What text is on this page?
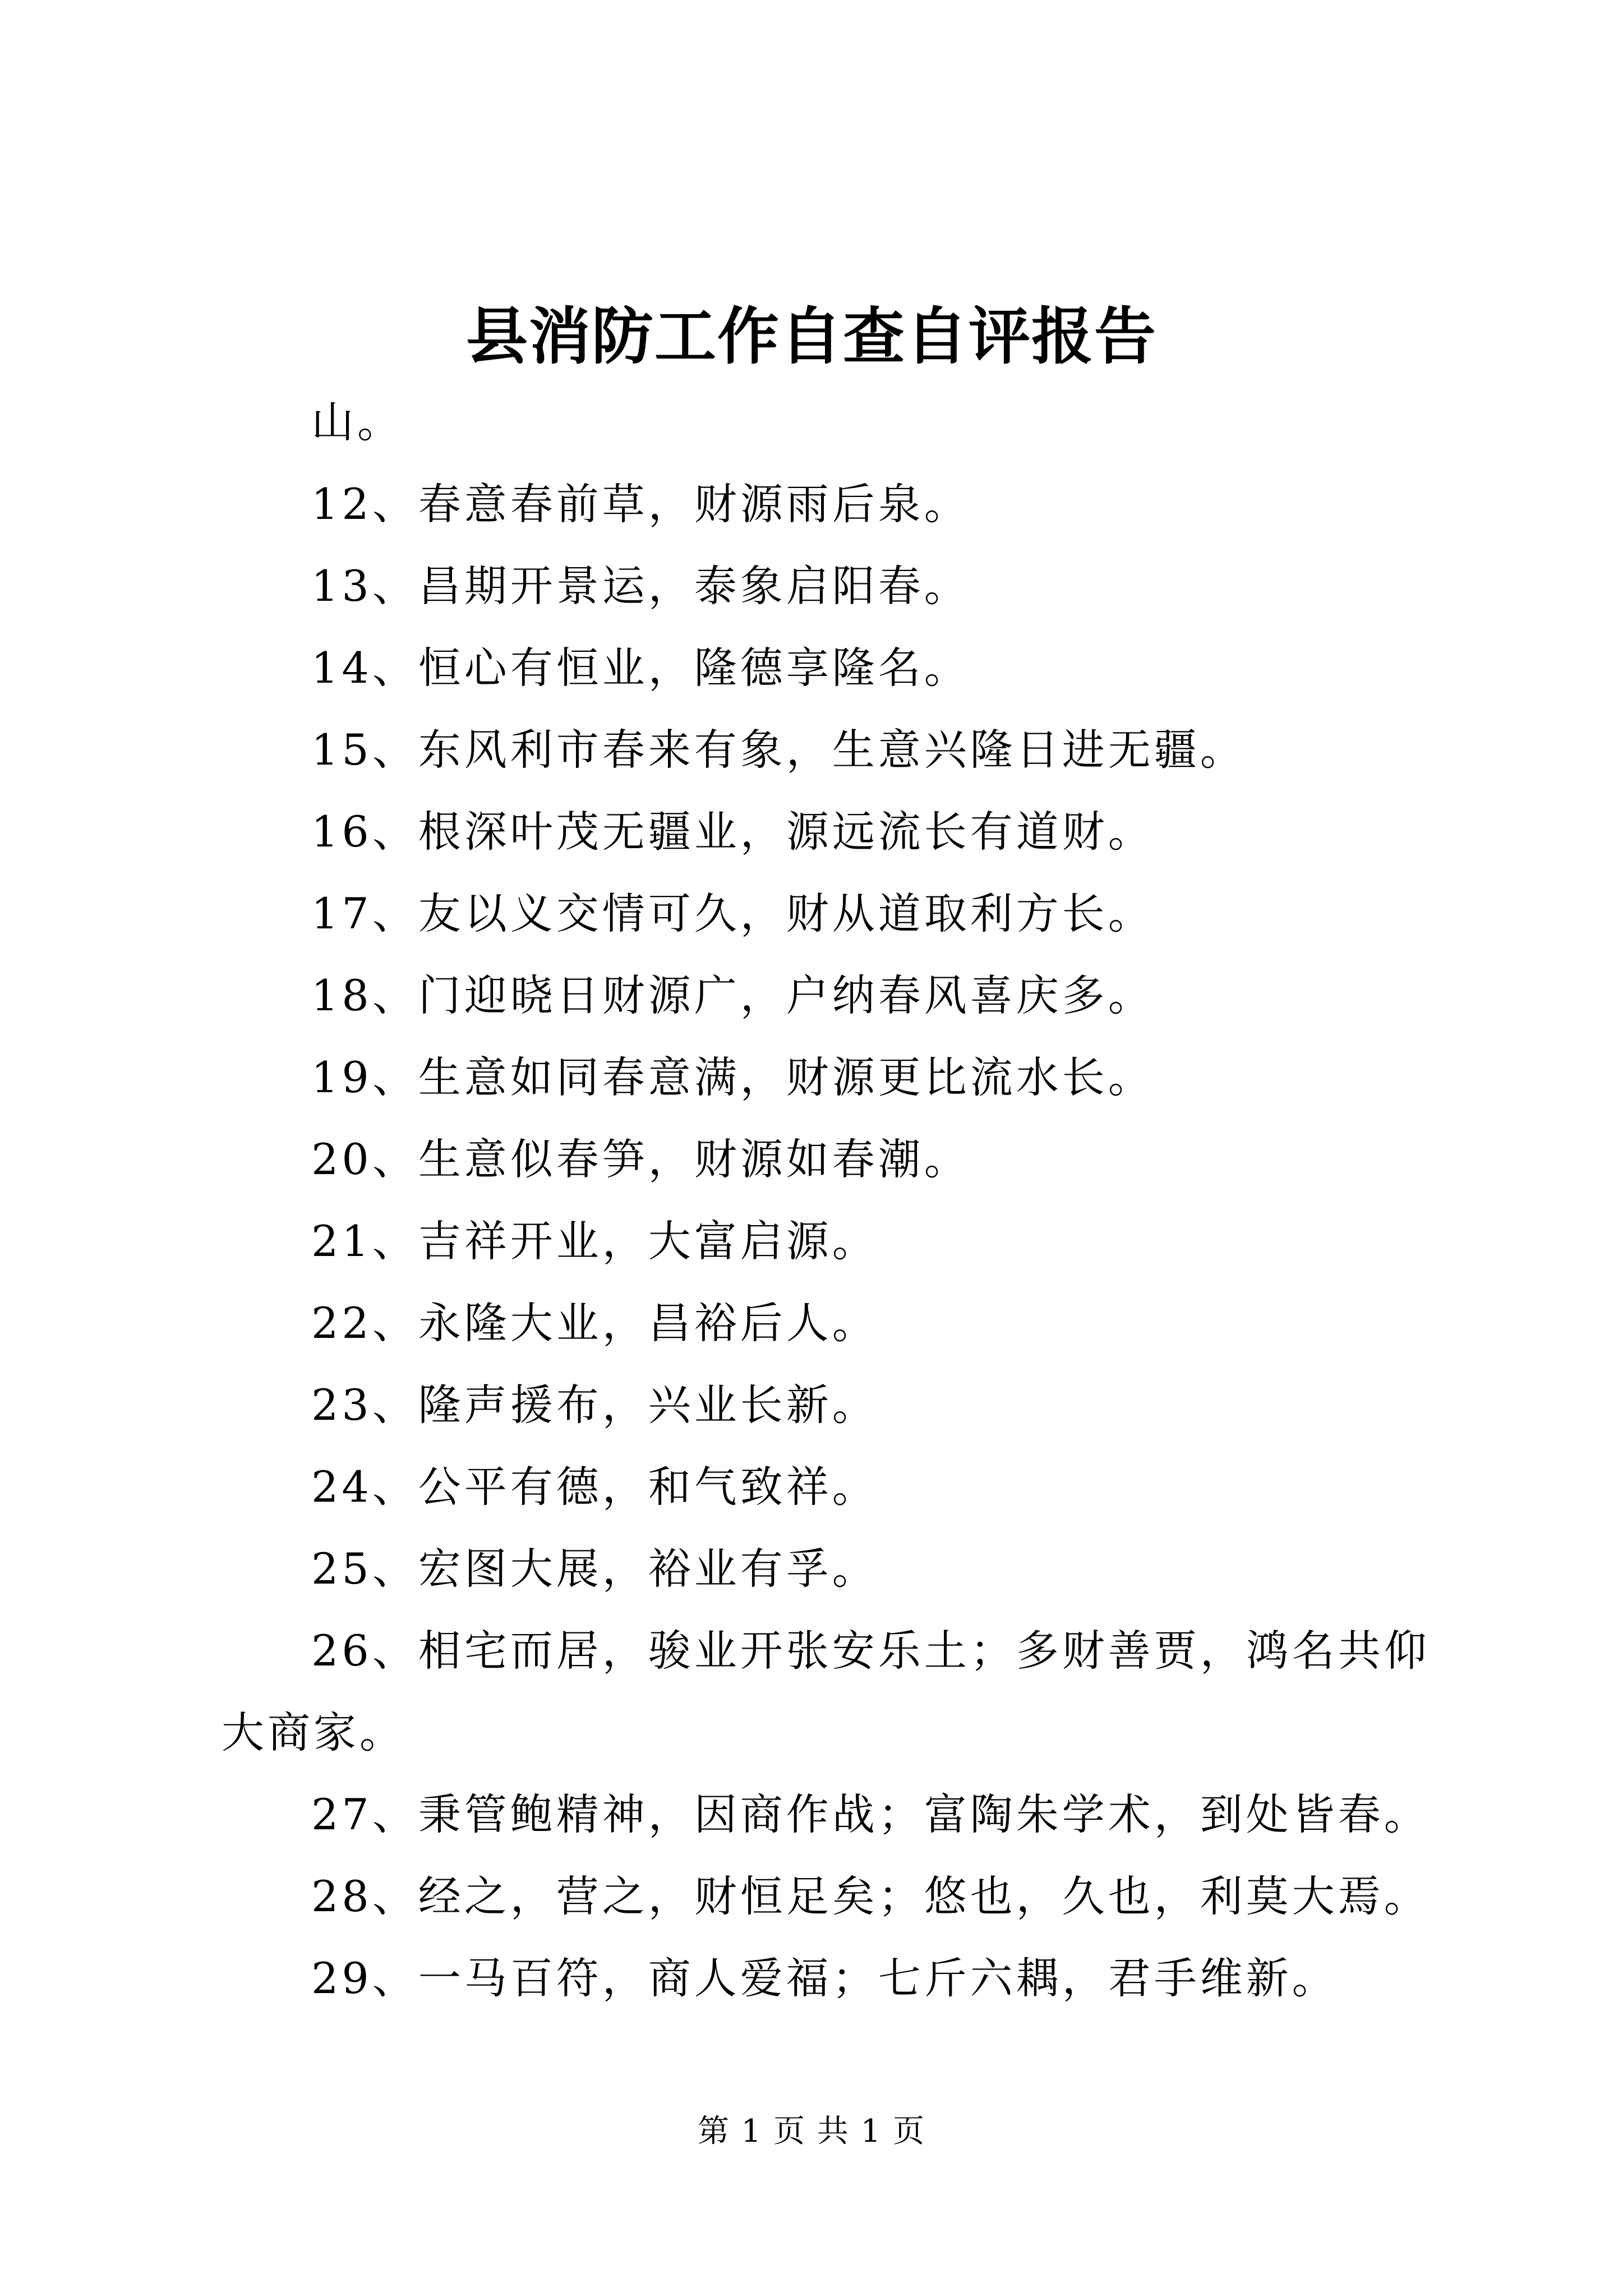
县消防工作自查自评报告

山。

12、春意春前草，财源雨后泉。

13、昌期开景运，泰象启阳春。

14、恒心有恒业，隆德享隆名。

15、东风利市春来有象，生意兴隆日进无疆。

16、根深叶茂无疆业，源远流长有道财。

17、友以义交情可久，财从道取利方长。

18、门迎晓日财源广，户纳春风喜庆多。

19、生意如同春意满，财源更比流水长。

20、生意似春笋，财源如春潮。

21、吉祥开业，大富启源。

22、永隆大业，昌裕后人。

23、隆声援布，兴业长新。

24、公平有德，和气致祥。

25、宏图大展，裕业有孚。

26、相宅而居，骏业开张安乐土；多财善贾，鸿名共仰大商家。

27、秉管鲍精神，因商作战；富陶朱学术，到处皆春。

28、经之，营之，财恒足矣；悠也，久也，利莫大焉。

29、一马百符，商人爱福；七斤六耦，君手维新。

第 1 页 共 1 页
